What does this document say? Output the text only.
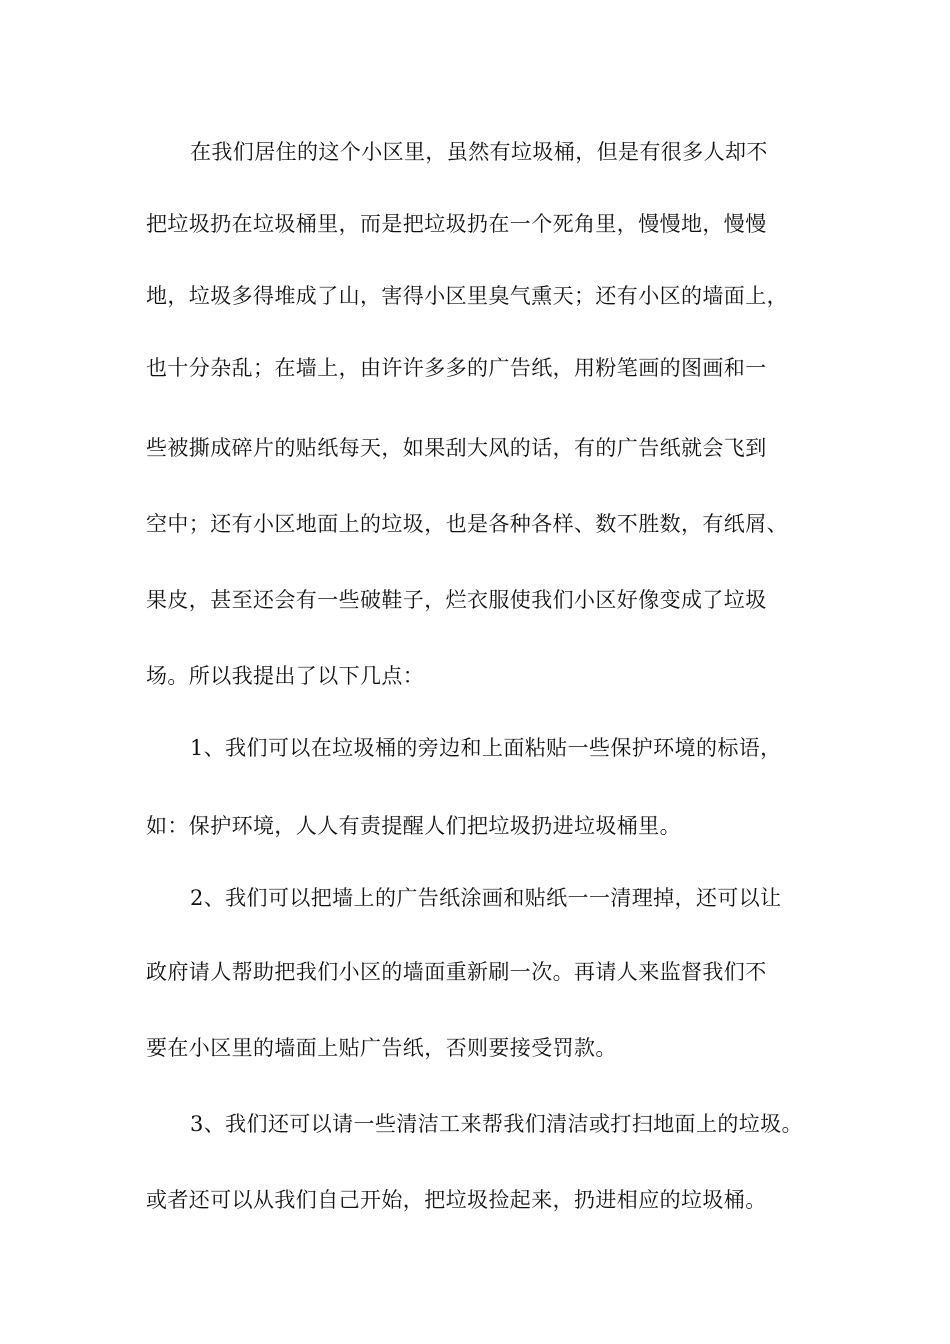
在我们居住的这个小区里，虽然有垃圾桶，但是有很多人却不
把垃圾扔在垃圾桶里，而是把垃圾扔在一个死角里，慢慢地，慢慢
地，垃圾多得堆成了山，害得小区里臭气熏天；还有小区的墙面上，
也十分杂乱；在墙上，由许许多多的广告纸，用粉笔画的图画和一
些被撕成碎片的贴纸每天，如果刮大风的话，有的广告纸就会飞到
空中；还有小区地面上的垃圾，也是各种各样、数不胜数，有纸屑、
果皮，甚至还会有一些破鞋子，烂衣服使我们小区好像变成了垃圾
场。所以我提出了以下几点：
1、我们可以在垃圾桶的旁边和上面粘贴一些保护环境的标语，
如：保护环境，人人有责提醒人们把垃圾扔进垃圾桶里。
2、我们可以把墙上的广告纸涂画和贴纸一一清理掉，还可以让
政府请人帮助把我们小区的墙面重新刷一次。再请人来监督我们不
要在小区里的墙面上贴广告纸，否则要接受罚款。
3、我们还可以请一些清洁工来帮我们清洁或打扫地面上的垃圾。
或者还可以从我们自己开始，把垃圾捡起来，扔进相应的垃圾桶。
